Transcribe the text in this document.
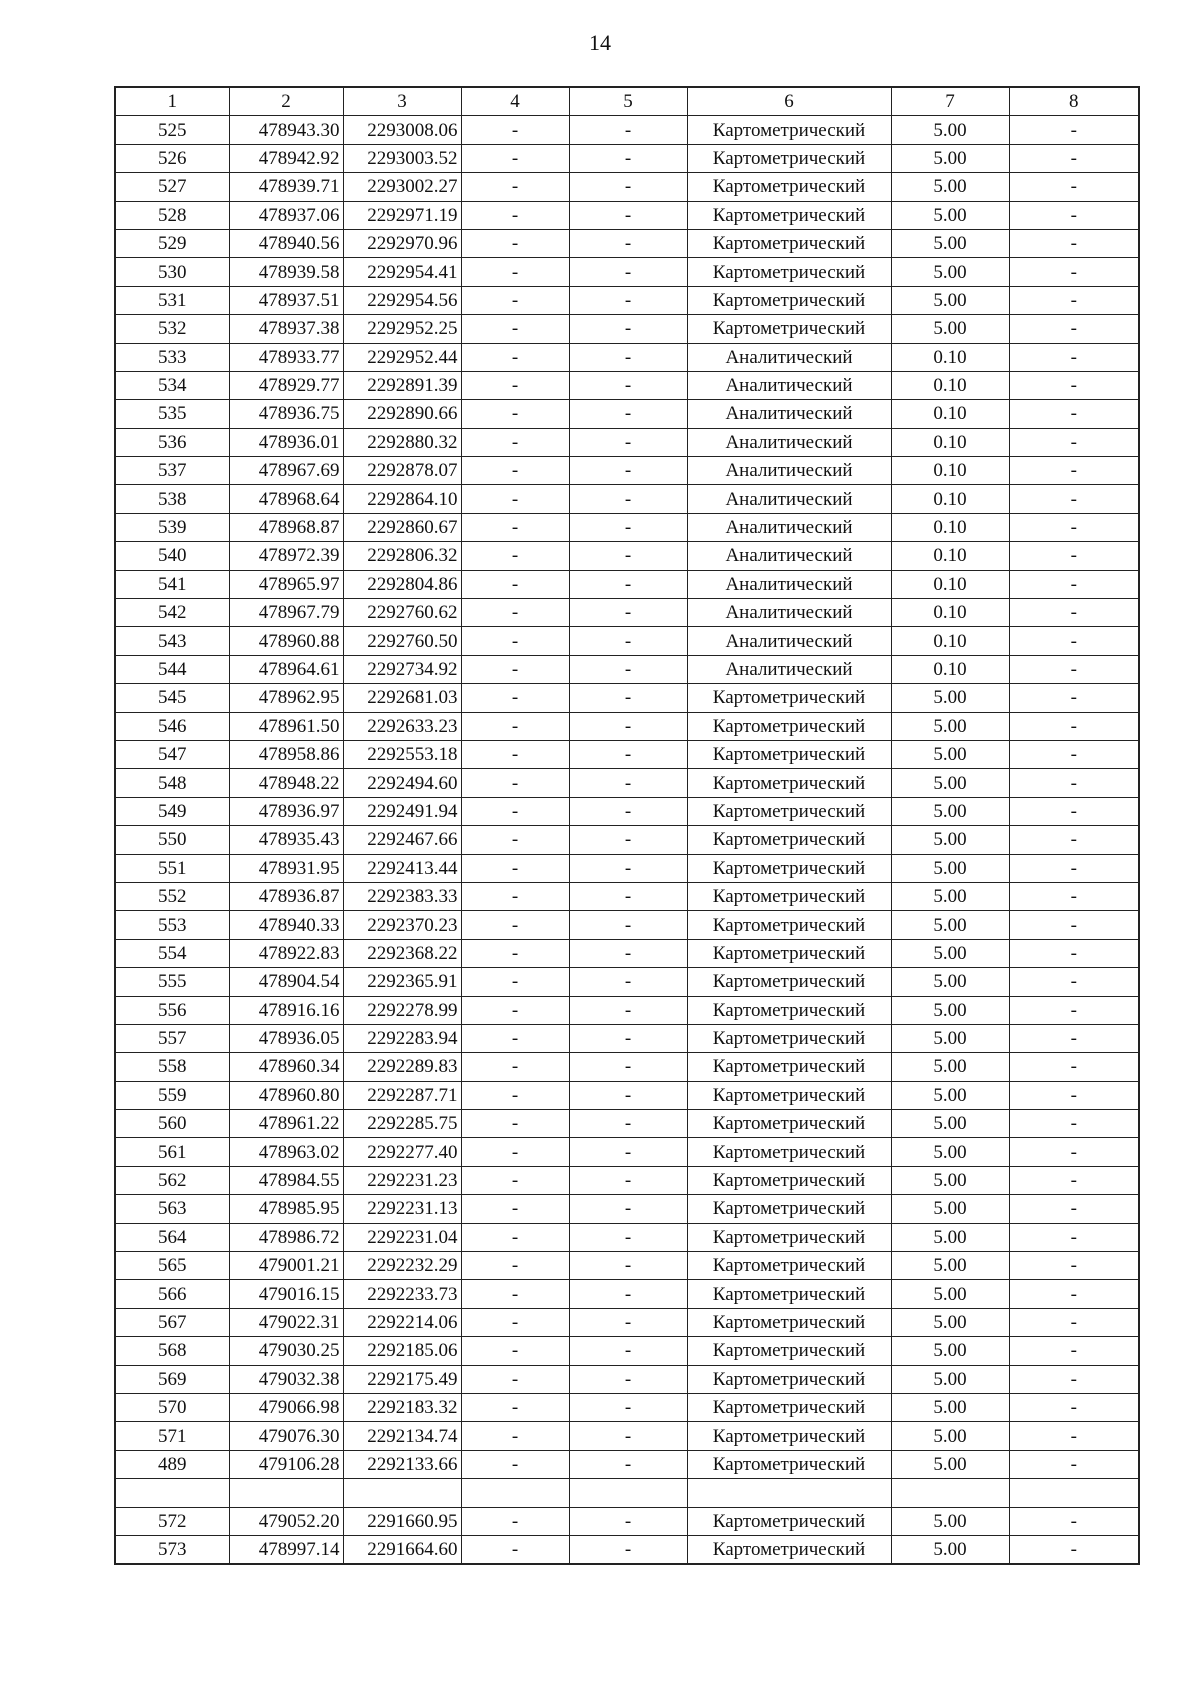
14
1	2	3	4	5	6	7	8
525	478943.30	2293008.06	-	-	Картометрический	5.00	-
526	478942.92	2293003.52	-	-	Картометрический	5.00	-
527	478939.71	2293002.27	-	-	Картометрический	5.00	-
528	478937.06	2292971.19	-	-	Картометрический	5.00	-
529	478940.56	2292970.96	-	-	Картометрический	5.00	-
530	478939.58	2292954.41	-	-	Картометрический	5.00	-
531	478937.51	2292954.56	-	-	Картометрический	5.00	-
532	478937.38	2292952.25	-	-	Картометрический	5.00	-
533	478933.77	2292952.44	-	-	Аналитический	0.10	-
534	478929.77	2292891.39	-	-	Аналитический	0.10	-
535	478936.75	2292890.66	-	-	Аналитический	0.10	-
536	478936.01	2292880.32	-	-	Аналитический	0.10	-
537	478967.69	2292878.07	-	-	Аналитический	0.10	-
538	478968.64	2292864.10	-	-	Аналитический	0.10	-
539	478968.87	2292860.67	-	-	Аналитический	0.10	-
540	478972.39	2292806.32	-	-	Аналитический	0.10	-
541	478965.97	2292804.86	-	-	Аналитический	0.10	-
542	478967.79	2292760.62	-	-	Аналитический	0.10	-
543	478960.88	2292760.50	-	-	Аналитический	0.10	-
544	478964.61	2292734.92	-	-	Аналитический	0.10	-
545	478962.95	2292681.03	-	-	Картометрический	5.00	-
546	478961.50	2292633.23	-	-	Картометрический	5.00	-
547	478958.86	2292553.18	-	-	Картометрический	5.00	-
548	478948.22	2292494.60	-	-	Картометрический	5.00	-
549	478936.97	2292491.94	-	-	Картометрический	5.00	-
550	478935.43	2292467.66	-	-	Картометрический	5.00	-
551	478931.95	2292413.44	-	-	Картометрический	5.00	-
552	478936.87	2292383.33	-	-	Картометрический	5.00	-
553	478940.33	2292370.23	-	-	Картометрический	5.00	-
554	478922.83	2292368.22	-	-	Картометрический	5.00	-
555	478904.54	2292365.91	-	-	Картометрический	5.00	-
556	478916.16	2292278.99	-	-	Картометрический	5.00	-
557	478936.05	2292283.94	-	-	Картометрический	5.00	-
558	478960.34	2292289.83	-	-	Картометрический	5.00	-
559	478960.80	2292287.71	-	-	Картометрический	5.00	-
560	478961.22	2292285.75	-	-	Картометрический	5.00	-
561	478963.02	2292277.40	-	-	Картометрический	5.00	-
562	478984.55	2292231.23	-	-	Картометрический	5.00	-
563	478985.95	2292231.13	-	-	Картометрический	5.00	-
564	478986.72	2292231.04	-	-	Картометрический	5.00	-
565	479001.21	2292232.29	-	-	Картометрический	5.00	-
566	479016.15	2292233.73	-	-	Картометрический	5.00	-
567	479022.31	2292214.06	-	-	Картометрический	5.00	-
568	479030.25	2292185.06	-	-	Картометрический	5.00	-
569	479032.38	2292175.49	-	-	Картометрический	5.00	-
570	479066.98	2292183.32	-	-	Картометрический	5.00	-
571	479076.30	2292134.74	-	-	Картометрический	5.00	-
489	479106.28	2292133.66	-	-	Картометрический	5.00	-

572	479052.20	2291660.95	-	-	Картометрический	5.00	-
573	478997.14	2291664.60	-	-	Картометрический	5.00	-
